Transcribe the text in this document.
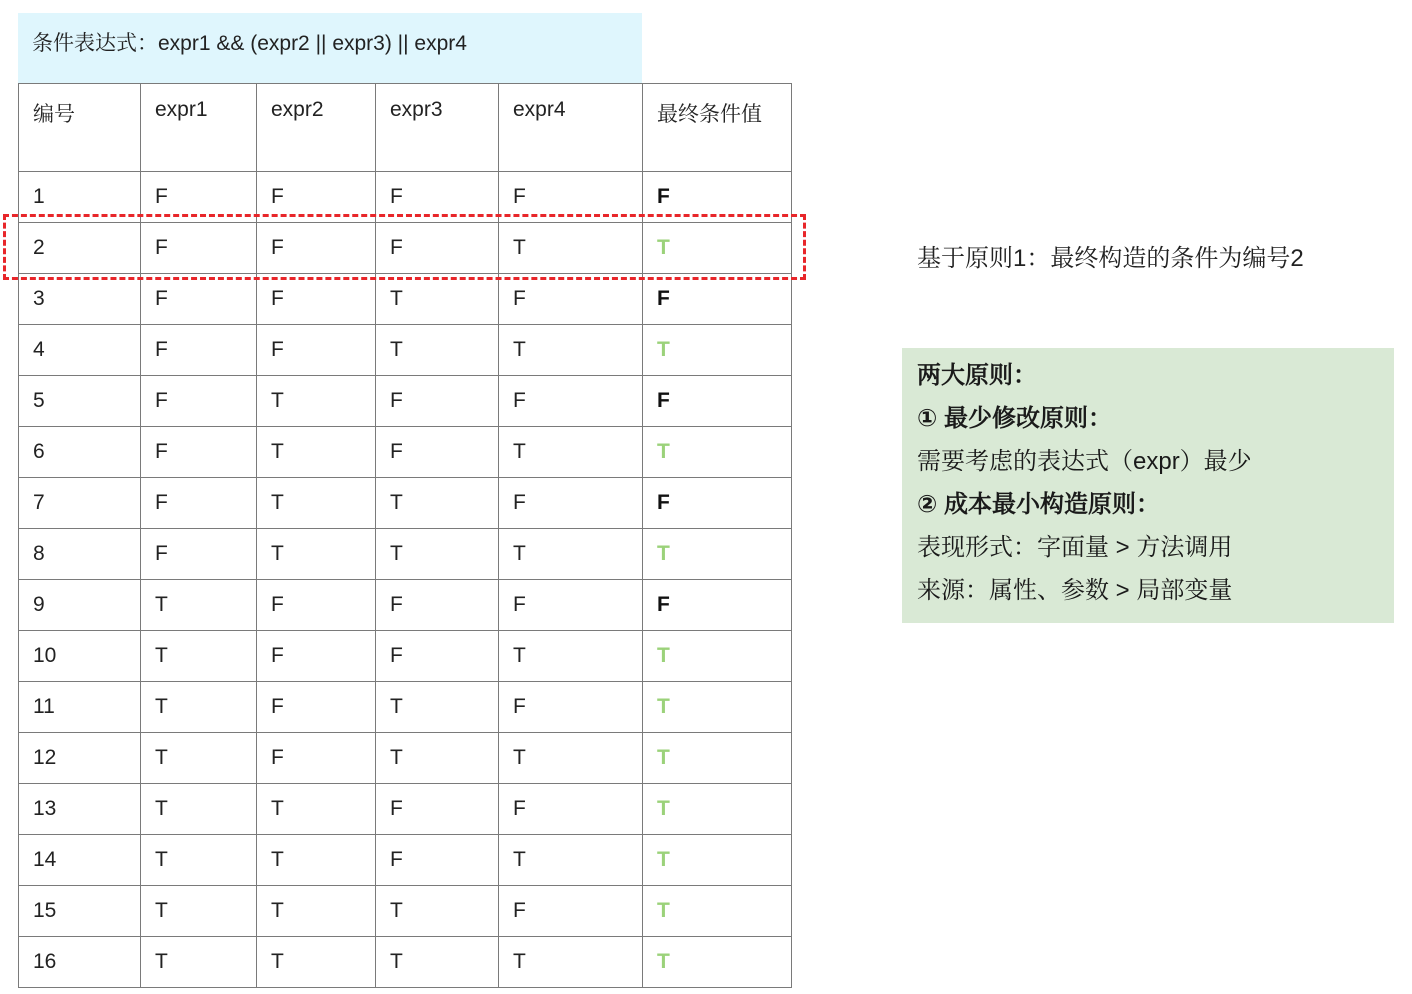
条件表达式：expr1 && (expr2 || expr3) || expr4
编号	expr1	expr2	expr3	expr4	最终条件值
1	F	F	F	F	F
2	F	F	F	T	T
3	F	F	T	F	F
4	F	F	T	T	T
5	F	T	F	F	F
6	F	T	F	T	T
7	F	T	T	F	F
8	F	T	T	T	T
9	T	F	F	F	F
10	T	F	F	T	T
11	T	F	T	F	T
12	T	F	T	T	T
13	T	T	F	F	T
14	T	T	F	T	T
15	T	T	T	F	T
16	T	T	T	T	T
基于原则1：最终构造的条件为编号2
两大原则：
① 最少修改原则：
需要考虑的表达式（expr）最少
② 成本最小构造原则：
表现形式：字面量 > 方法调用
来源：属性、参数 > 局部变量
